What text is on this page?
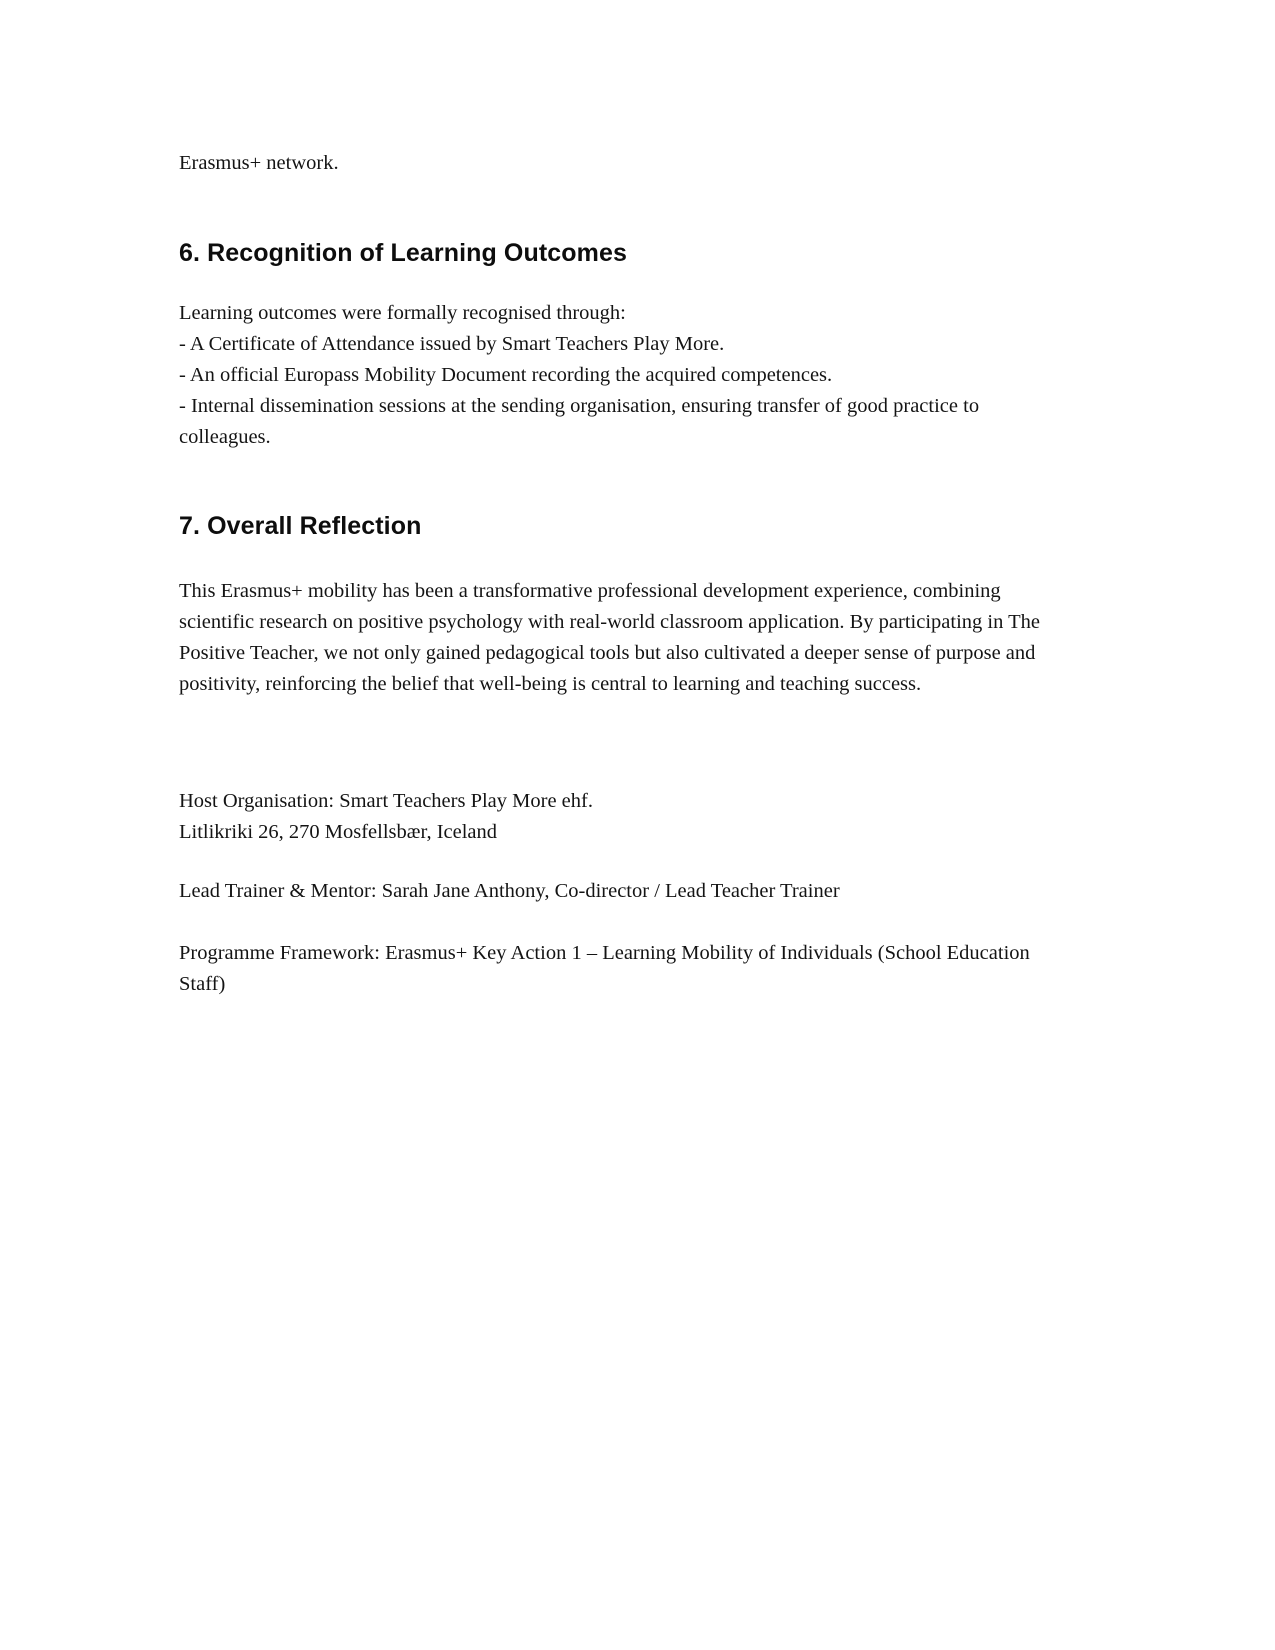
Erasmus+ network.

6. Recognition of Learning Outcomes

Learning outcomes were formally recognised through:

- A Certificate of Attendance issued by Smart Teachers Play More.

- An official Europass Mobility Document recording the acquired competences.

- Internal dissemination sessions at the sending organisation, ensuring transfer of good practice to colleagues.

7. Overall Reflection

This Erasmus+ mobility has been a transformative professional development experience, combining scientific research on positive psychology with real-world classroom application. By participating in The Positive Teacher, we not only gained pedagogical tools but also cultivated a deeper sense of purpose and positivity, reinforcing the belief that well-being is central to learning and teaching success.

Host Organisation: Smart Teachers Play More ehf.

Litlikriki 26, 270 Mosfellsbær, Iceland

Lead Trainer & Mentor: Sarah Jane Anthony, Co-director / Lead Teacher Trainer

Programme Framework: Erasmus+ Key Action 1 – Learning Mobility of Individuals (School Education Staff)
